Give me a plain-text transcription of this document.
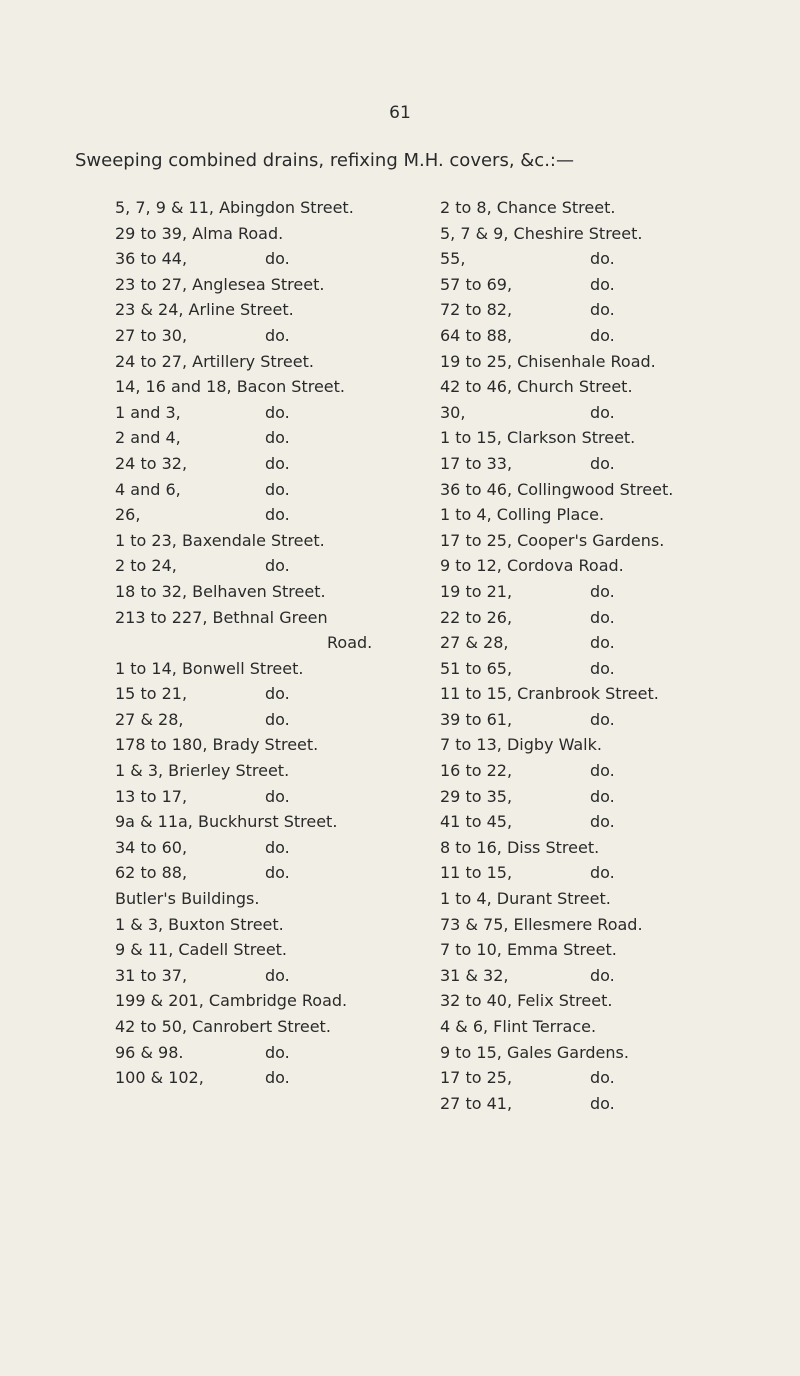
61
Sweeping combined drains, refixing M.H. covers, &c.:—
5, 7, 9 & 11, Abingdon Street.
29 to 39, Alma Road.
36 to 44,	do.
23 to 27, Anglesea Street.
23 & 24, Arline Street.
27 to 30,	do.
24 to 27, Artillery Street.
14, 16 and 18, Bacon Street.
1 and 3,	do.
2 and 4,	do.
24 to 32,	do.
4 and 6,	do.
26,	do.
1 to 23, Baxendale Street.
2 to 24,	do.
18 to 32, Belhaven Street.
213 to 227, Bethnal Green
Road.
1 to 14, Bonwell Street.
15 to 21,	do.
27 & 28,	do.
178 to 180, Brady Street.
1 & 3, Brierley Street.
13 to 17,	do.
9a & 11a, Buckhurst Street.
34 to 60,	do.
62 to 88,	do.
Butler's Buildings.
1 & 3, Buxton Street.
9 & 11, Cadell Street.
31 to 37,	do.
199 & 201, Cambridge Road.
42 to 50, Canrobert Street.
96 & 98.	do.
100 & 102,	do.
2 to 8, Chance Street.
5, 7 & 9, Cheshire Street.
55,	do.
57 to 69,	do.
72 to 82,	do.
64 to 88,	do.
19 to 25, Chisenhale Road.
42 to 46, Church Street.
30,	do.
1 to 15, Clarkson Street.
17 to 33,	do.
36 to 46, Collingwood Street.
1 to 4, Colling Place.
17 to 25, Cooper's Gardens.
9 to 12, Cordova Road.
19 to 21,	do.
22 to 26,	do.
27 & 28,	do.
51 to 65,	do.
11 to 15, Cranbrook Street.
39 to 61,	do.
7 to 13, Digby Walk.
16 to 22,	do.
29 to 35,	do.
41 to 45,	do.
8 to 16, Diss Street.
11 to 15,	do.
1 to 4, Durant Street.
73 & 75, Ellesmere Road.
7 to 10, Emma Street.
31 & 32,	do.
32 to 40, Felix Street.
4 & 6, Flint Terrace.
9 to 15, Gales Gardens.
17 to 25,	do.
27 to 41,	do.
